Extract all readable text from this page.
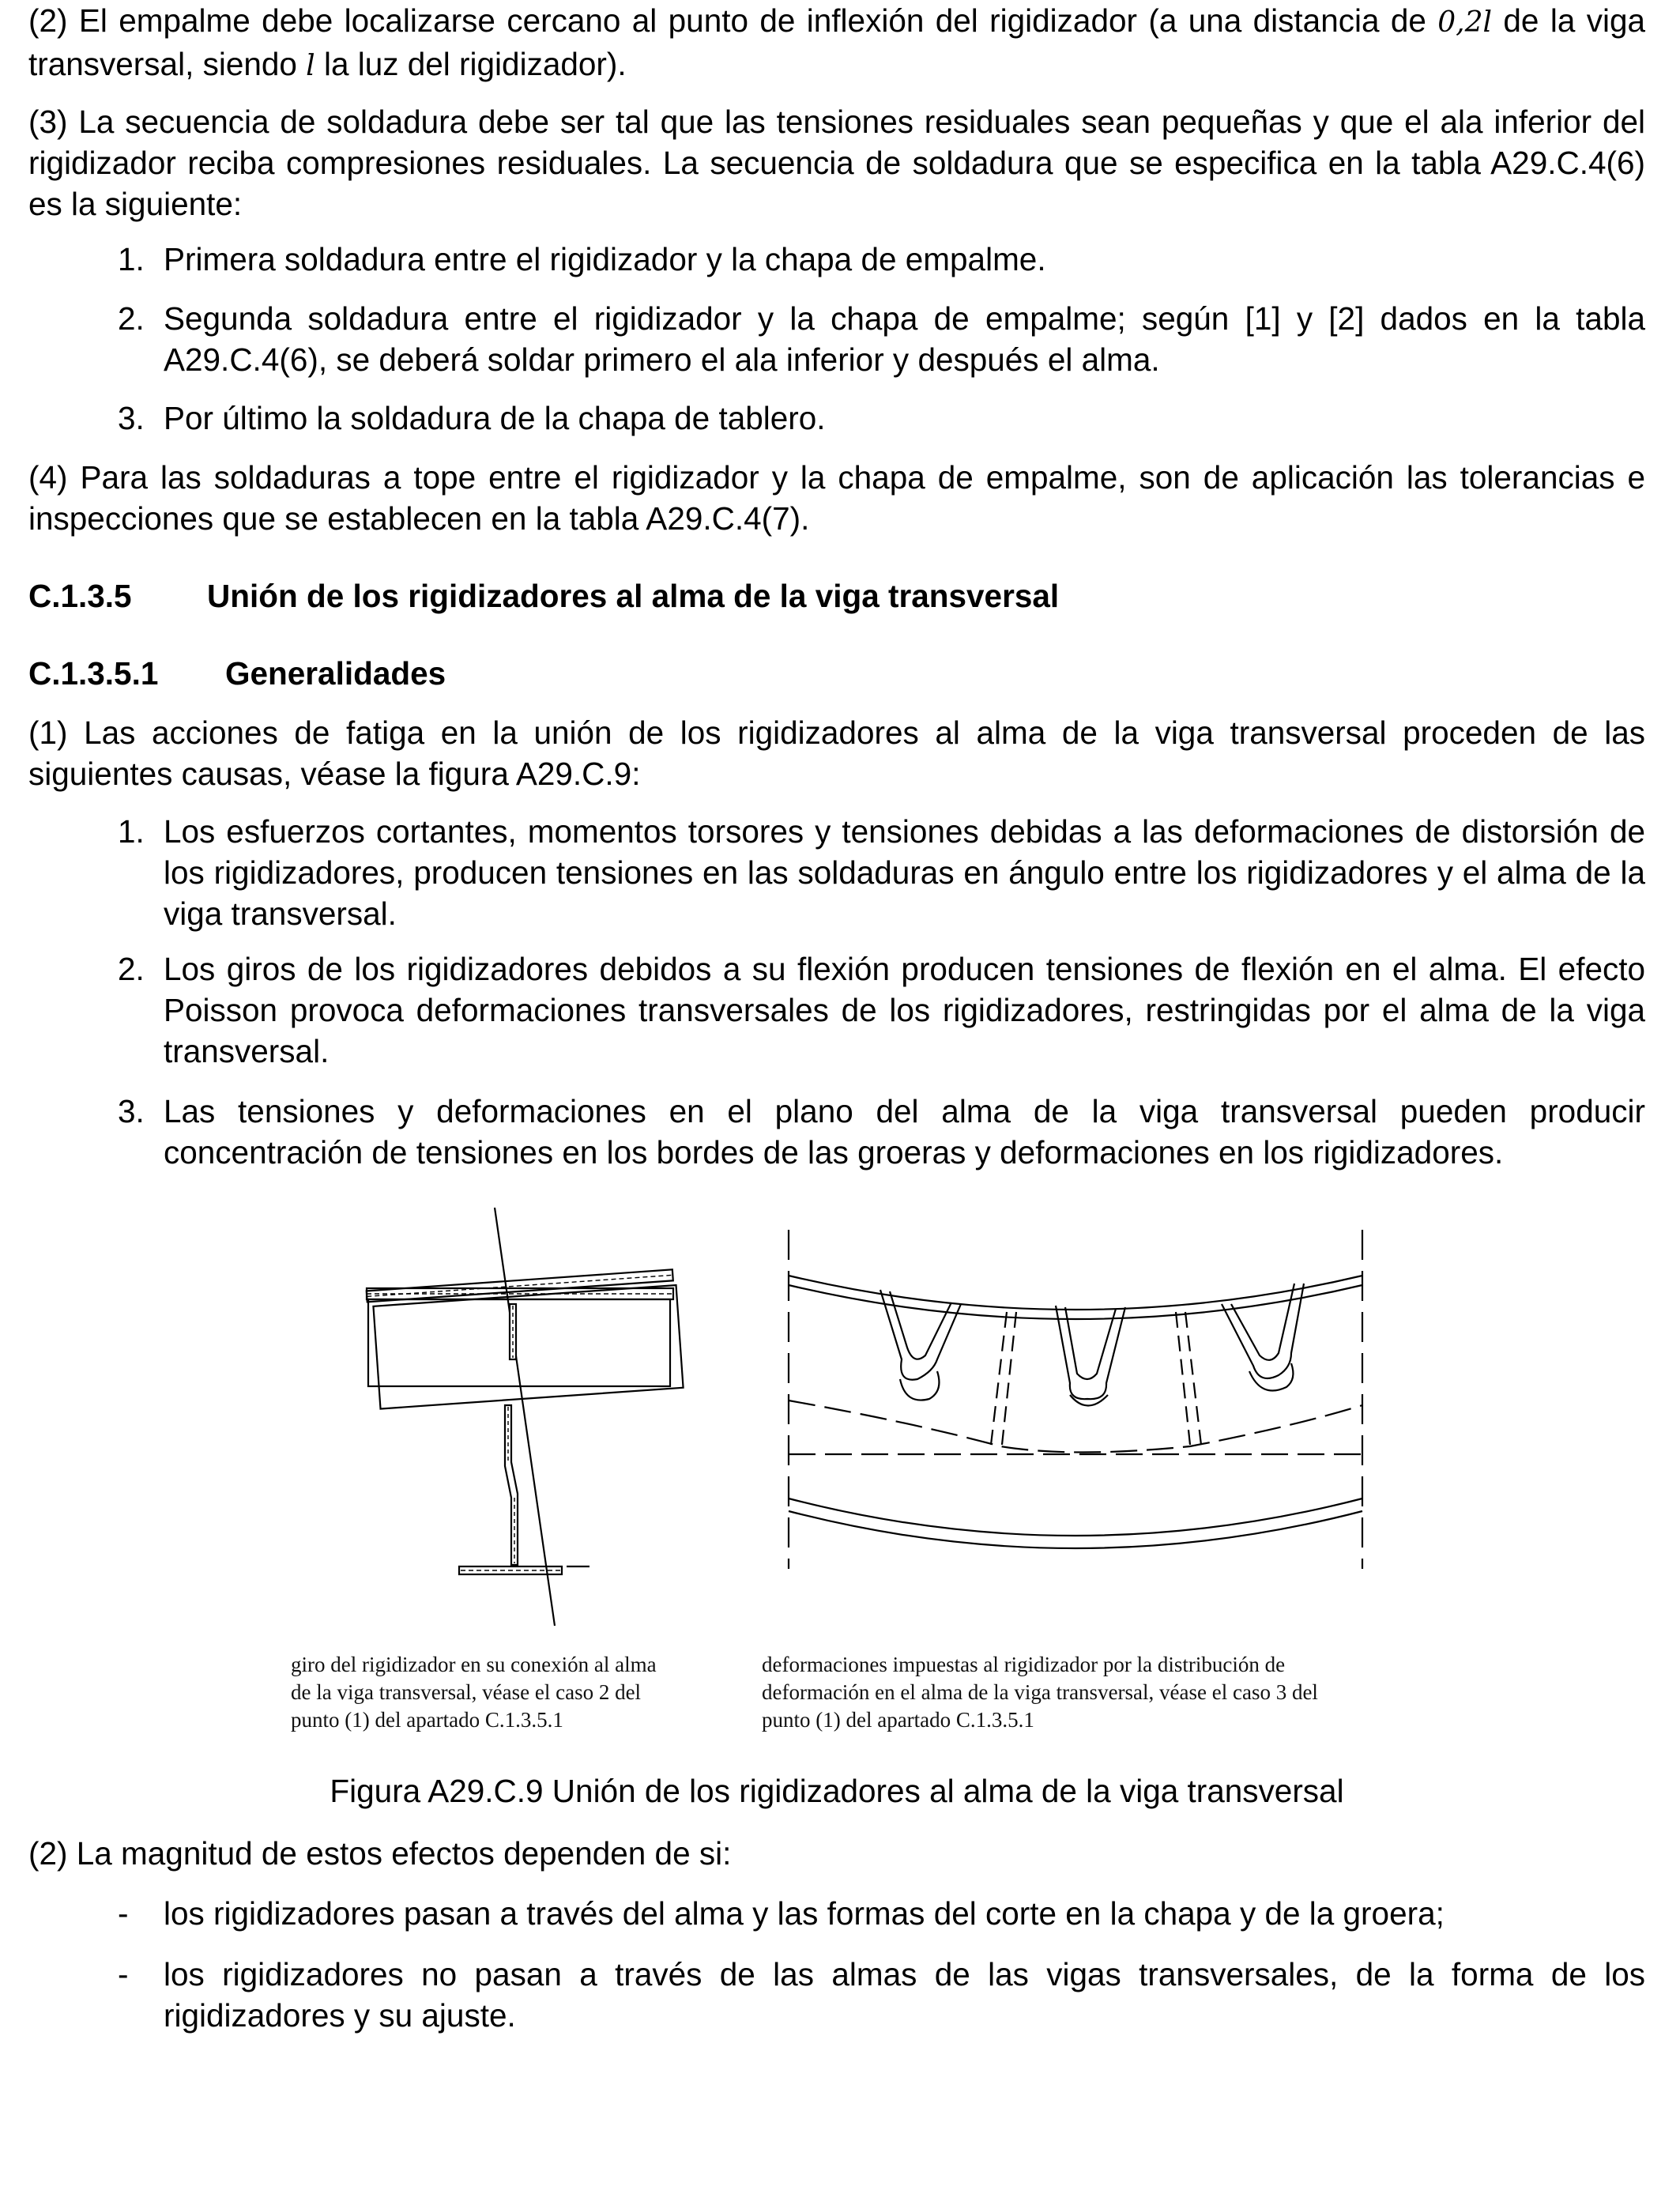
(2) El empalme debe localizarse cercano al punto de inflexión del rigidizador (a una distancia de 0,2l de la viga transversal, siendo l la luz del rigidizador).

(3) La secuencia de soldadura debe ser tal que las tensiones residuales sean pequeñas y que el ala inferior del rigidizador reciba compresiones residuales. La secuencia de soldadura que se especifica en la tabla A29.C.4(6) es la siguiente:

1. Primera soldadura entre el rigidizador y la chapa de empalme.
2. Segunda soldadura entre el rigidizador y la chapa de empalme; según [1] y [2] dados en la tabla A29.C.4(6), se deberá soldar primero el ala inferior y después el alma.
3. Por último la soldadura de la chapa de tablero.

(4) Para las soldaduras a tope entre el rigidizador y la chapa de empalme, son de aplicación las tolerancias e inspecciones que se establecen en la tabla A29.C.4(7).

C.1.3.5 Unión de los rigidizadores al alma de la viga transversal
C.1.3.5.1 Generalidades

(1) Las acciones de fatiga en la unión de los rigidizadores al alma de la viga transversal proceden de las siguientes causas, véase la figura A29.C.9:

1. Los esfuerzos cortantes, momentos torsores y tensiones debidas a las deformaciones de distorsión de los rigidizadores, producen tensiones en las soldaduras en ángulo entre los rigidizadores y el alma de la viga transversal.
2. Los giros de los rigidizadores debidos a su flexión producen tensiones de flexión en el alma. El efecto Poisson provoca deformaciones transversales de los rigidizadores, restringidas por el alma de la viga transversal.
3. Las tensiones y deformaciones en el plano del alma de la viga transversal pueden producir concentración de tensiones en los bordes de las groeras y deformaciones en los rigidizadores.
giro del rigidizador en su conexión al alma
de la viga transversal, véase el caso 2 del
punto (1) del apartado C.1.3.5.1
deformaciones impuestas al rigidizador por la distribución de
deformación en el alma de la viga transversal, véase el caso 3 del
punto (1) del apartado C.1.3.5.1
Figura A29.C.9 Unión de los rigidizadores al alma de la viga transversal

(2) La magnitud de estos efectos dependen de si:

-	los rigidizadores pasan a través del alma y las formas del corte en la chapa y de la groera;
-	los rigidizadores no pasan a través de las almas de las vigas transversales, de la forma de los rigidizadores y su ajuste.
